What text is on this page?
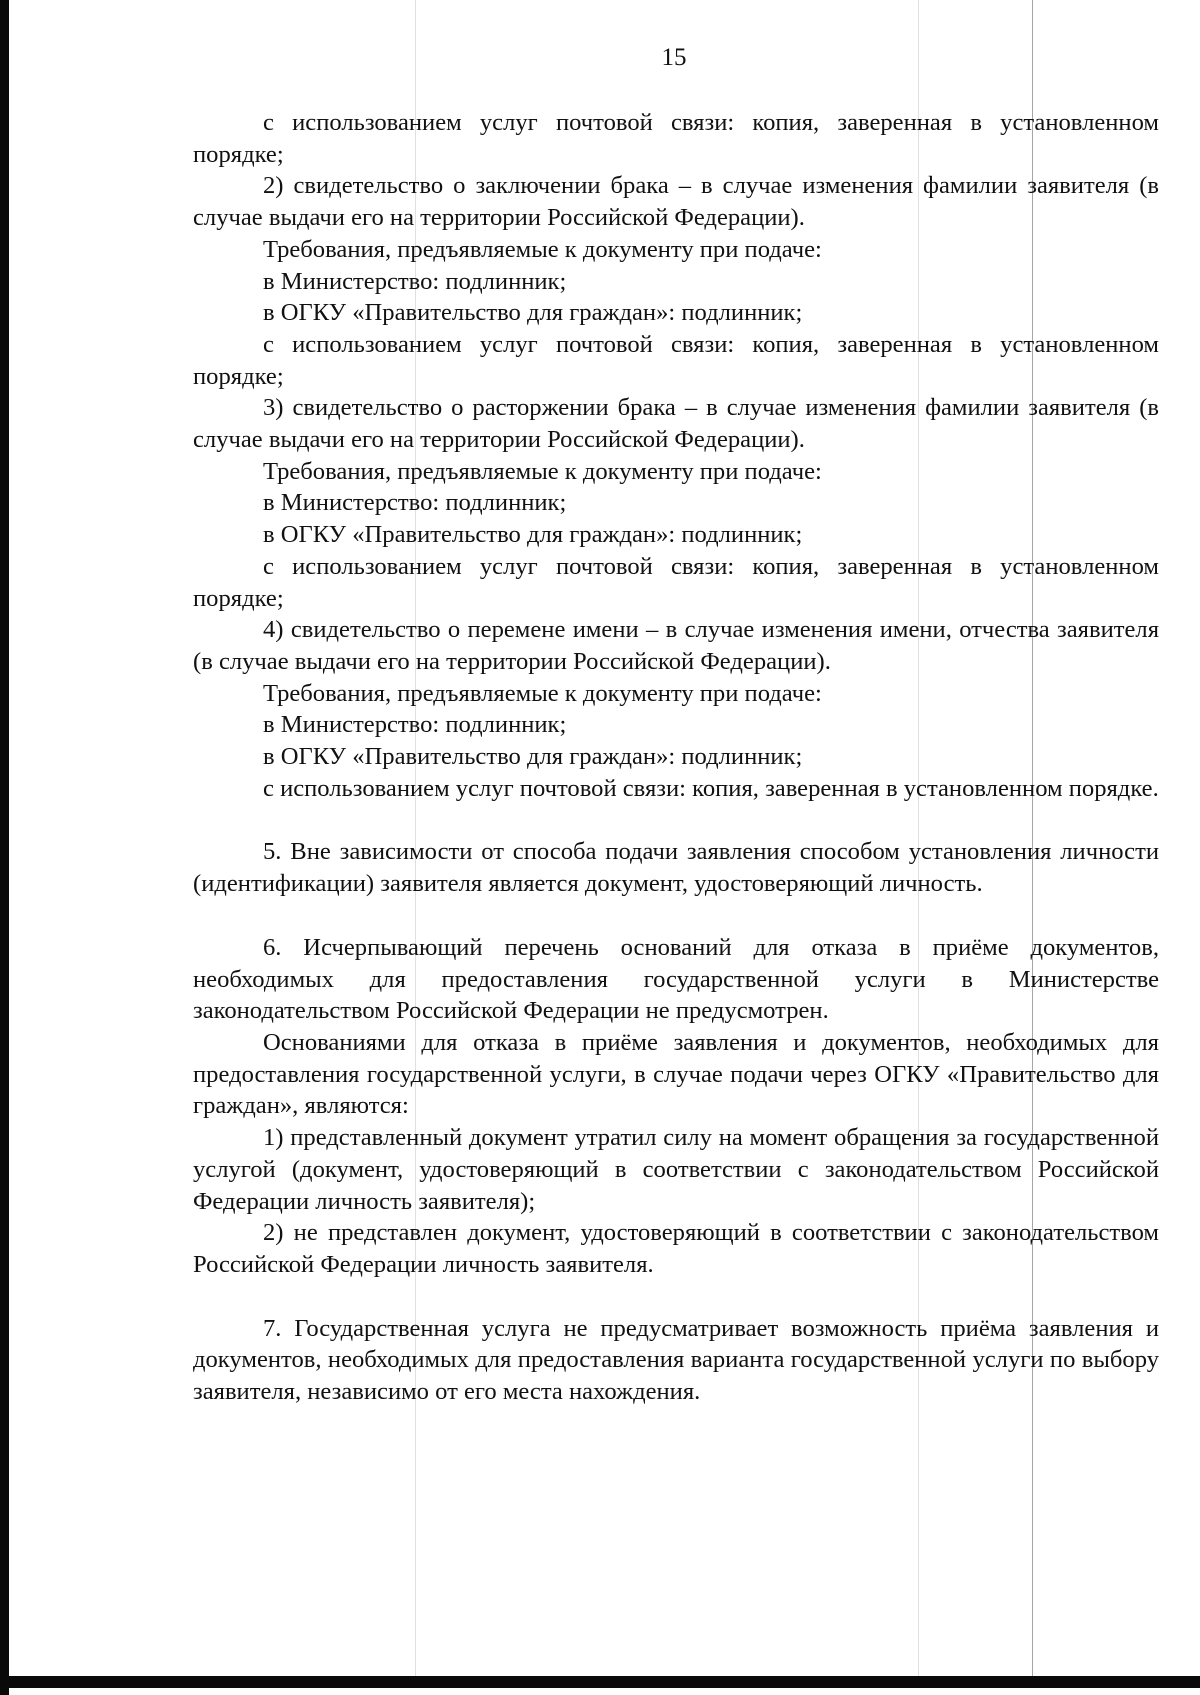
15

с использованием услуг почтовой связи: копия, заверенная в установленном порядке;

2) свидетельство о заключении брака – в случае изменения фамилии заявителя (в случае выдачи его на территории Российской Федерации).

Требования, предъявляемые к документу при подаче:

в Министерство: подлинник;

в ОГКУ «Правительство для граждан»: подлинник;

с использованием услуг почтовой связи: копия, заверенная в установленном порядке;

3) свидетельство о расторжении брака – в случае изменения фамилии заявителя (в случае выдачи его на территории Российской Федерации).

Требования, предъявляемые к документу при подаче:

в Министерство: подлинник;

в ОГКУ «Правительство для граждан»: подлинник;

с использованием услуг почтовой связи: копия, заверенная в установленном порядке;

4) свидетельство о перемене имени – в случае изменения имени, отчества заявителя (в случае выдачи его на территории Российской Федерации).

Требования, предъявляемые к документу при подаче:

в Министерство: подлинник;

в ОГКУ «Правительство для граждан»: подлинник;

с использованием услуг почтовой связи: копия, заверенная в установленном порядке.

5. Вне зависимости от способа подачи заявления способом установления личности (идентификации) заявителя является документ, удостоверяющий личность.

6. Исчерпывающий перечень оснований для отказа в приёме документов, необходимых для предоставления государственной услуги в Министерстве законодательством Российской Федерации не предусмотрен.

Основаниями для отказа в приёме заявления и документов, необходимых для предоставления государственной услуги, в случае подачи через ОГКУ «Правительство для граждан», являются:

1) представленный документ утратил силу на момент обращения за государственной услугой (документ, удостоверяющий в соответствии с законодательством Российской Федерации личность заявителя);

2) не представлен документ, удостоверяющий в соответствии с законодательством Российской Федерации личность заявителя.

7. Государственная услуга не предусматривает возможность приёма заявления и документов, необходимых для предоставления варианта государственной услуги по выбору заявителя, независимо от его места нахождения.
